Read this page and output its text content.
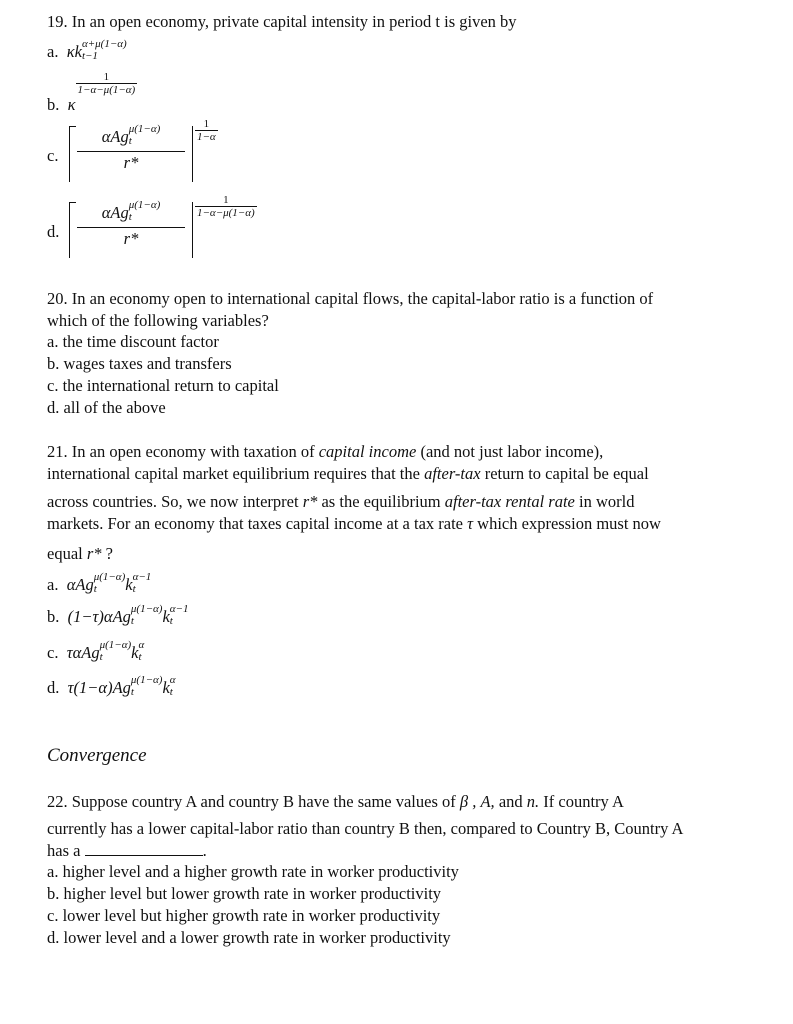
19. In an open economy, private capital intensity in period t is given by
a. κk α+μ(1−α)
t−1
b. κ
$\frac{1}{1-\alpha-\mu(1-\alpha)}$
c.
αAg μ(1−α)
t
r*
$\frac{1}{1-\alpha}$
d.
αAg μ(1−α)
t
r*
$\frac{1}{1-\alpha-\mu(1-\alpha)}$
20. In an economy open to international capital flows, the capital-labor ratio is a function of
which of the following variables?
a. the time discount factor
b. wages taxes and transfers
c. the international return to capital
d. all of the above
21. In an open economy with taxation of capital income (and not just labor income),
international capital market equilibrium requires that the after-tax return to capital be equal
across countries. So, we now interpret r* as the equilibrium after-tax rental rate in world
markets. For an economy that taxes capital income at a tax rate τ which expression must now
equal r* ?
a. αAg μ(1−α)
t k α−1
t
b. (1−τ)αAg μ(1−α)
t k α−1
t
c. ταAg μ(1−α)
t k α
t
d. τ(1−α)Ag μ(1−α)
t k α
t
Convergence
22. Suppose country A and country B have the same values of β , A, and n. If country A
currently has a lower capital-labor ratio than country B then, compared to Country B, Country A
has a	.
a. higher level and a higher growth rate in worker productivity
b. higher level but lower growth rate in worker productivity
c. lower level but higher growth rate in worker productivity
d. lower level and a lower growth rate in worker productivity
